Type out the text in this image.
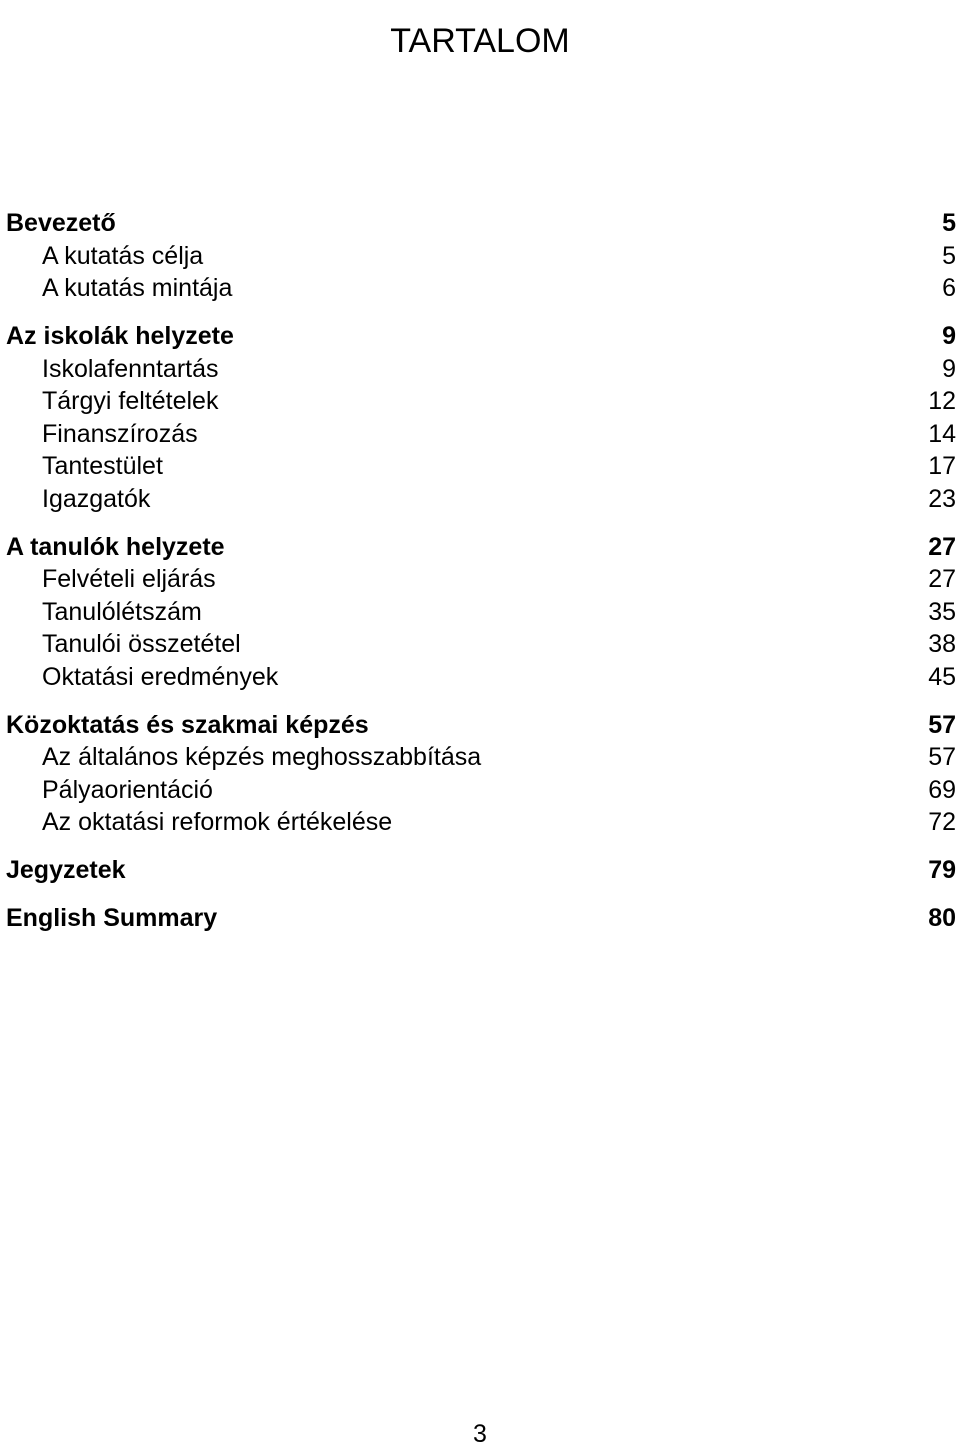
TARTALOM
Bevezető	5
A kutatás célja	5
A kutatás mintája	6
Az iskolák helyzete	9
Iskolafenntartás	9
Tárgyi feltételek	12
Finanszírozás	14
Tantestület	17
Igazgatók	23
A tanulók helyzete	27
Felvételi eljárás	27
Tanulólétszám	35
Tanulói összetétel	38
Oktatási eredmények	45
Közoktatás és szakmai képzés	57
Az általános képzés meghosszabbítása	57
Pályaorientáció	69
Az oktatási reformok értékelése	72
Jegyzetek	79
English Summary	80
3
